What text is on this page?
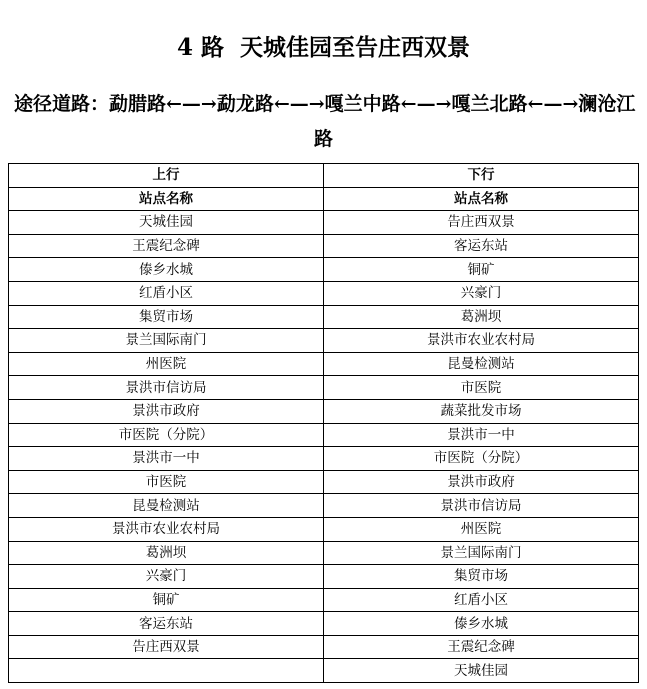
4 路  天城佳园至告庄西双景
途径道路：勐腊路←—→勐龙路←—→嘎兰中路←—→嘎兰北路←—→澜沧江
路
上行	下行
站点名称	站点名称
天城佳园	告庄西双景
王震纪念碑	客运东站
傣乡水城	铜矿
红盾小区	兴豪门
集贸市场	葛洲坝
景兰国际南门	景洪市农业农村局
州医院	昆曼检测站
景洪市信访局	市医院
景洪市政府	蔬菜批发市场
市医院（分院）	景洪市一中
景洪市一中	市医院（分院）
市医院	景洪市政府
昆曼检测站	景洪市信访局
景洪市农业农村局	州医院
葛洲坝	景兰国际南门
兴豪门	集贸市场
铜矿	红盾小区
客运东站	傣乡水城
告庄西双景	王震纪念碑
	天城佳园
